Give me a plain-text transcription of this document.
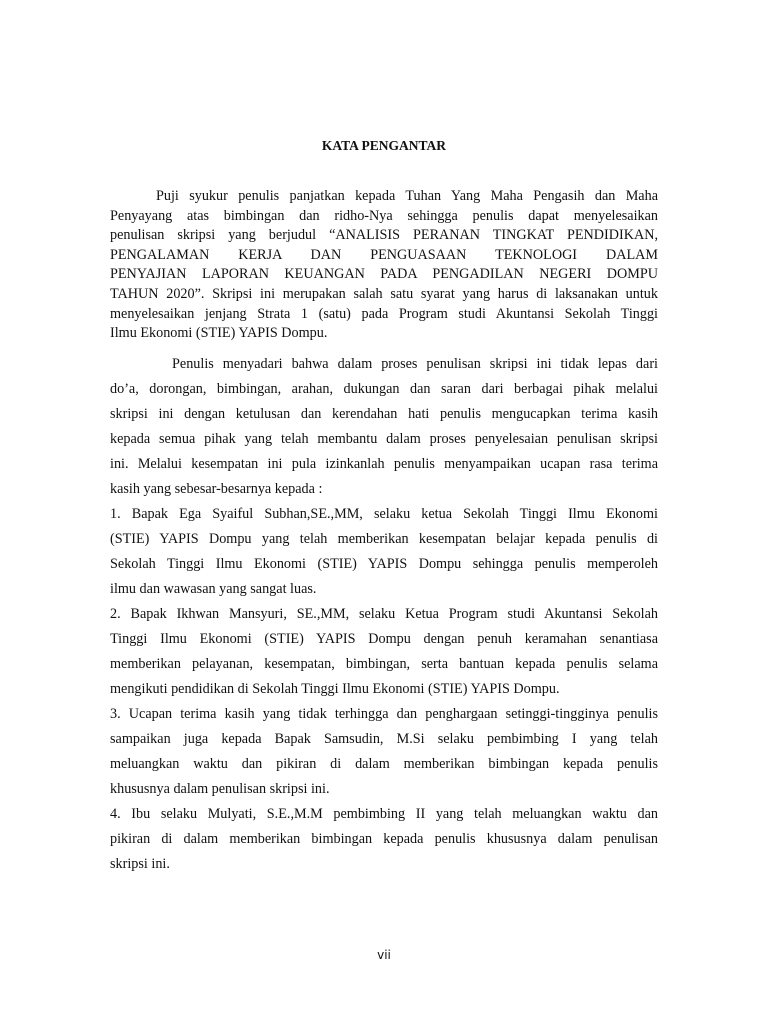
KATA PENGANTAR
Puji syukur penulis panjatkan kepada Tuhan Yang Maha Pengasih dan Maha
Penyayang atas bimbingan dan ridho-Nya sehingga penulis dapat menyelesaikan
penulisan skripsi yang berjudul “ANALISIS PERANAN TINGKAT PENDIDIKAN,
PENGALAMAN KERJA DAN PENGUASAAN TEKNOLOGI DALAM
PENYAJIAN LAPORAN KEUANGAN PADA PENGADILAN NEGERI DOMPU
TAHUN 2020”. Skripsi ini merupakan salah satu syarat yang harus di laksanakan untuk
menyelesaikan jenjang Strata 1 (satu) pada Program studi Akuntansi Sekolah Tinggi
Ilmu Ekonomi (STIE) YAPIS Dompu.
Penulis menyadari bahwa dalam proses penulisan skripsi ini tidak lepas dari
do’a, dorongan, bimbingan, arahan, dukungan dan saran dari berbagai pihak melalui
skripsi ini dengan ketulusan dan kerendahan hati penulis mengucapkan terima kasih
kepada semua pihak yang telah membantu dalam proses penyelesaian penulisan skripsi
ini. Melalui kesempatan ini pula izinkanlah penulis menyampaikan ucapan rasa terima
kasih yang sebesar-besarnya kepada :
1. Bapak Ega Syaiful Subhan,SE.,MM, selaku ketua Sekolah Tinggi Ilmu Ekonomi
(STIE) YAPIS Dompu yang telah memberikan kesempatan belajar kepada penulis di
Sekolah Tinggi Ilmu Ekonomi (STIE) YAPIS Dompu sehingga penulis memperoleh
ilmu dan wawasan yang sangat luas.
2. Bapak Ikhwan Mansyuri, SE.,MM, selaku Ketua Program studi Akuntansi Sekolah
Tinggi Ilmu Ekonomi (STIE) YAPIS Dompu dengan penuh keramahan senantiasa
memberikan pelayanan, kesempatan, bimbingan, serta bantuan kepada penulis selama
mengikuti pendidikan di Sekolah Tinggi Ilmu Ekonomi (STIE) YAPIS Dompu.
3. Ucapan terima kasih yang tidak terhingga dan penghargaan setinggi-tingginya penulis
sampaikan juga kepada Bapak Samsudin, M.Si selaku pembimbing I yang telah
meluangkan waktu dan pikiran di dalam memberikan bimbingan kepada penulis
khususnya dalam penulisan skripsi ini.
4. Ibu selaku Mulyati, S.E.,M.M pembimbing II yang telah meluangkan waktu dan
pikiran di dalam memberikan bimbingan kepada penulis khususnya dalam penulisan
skripsi ini.
vii
